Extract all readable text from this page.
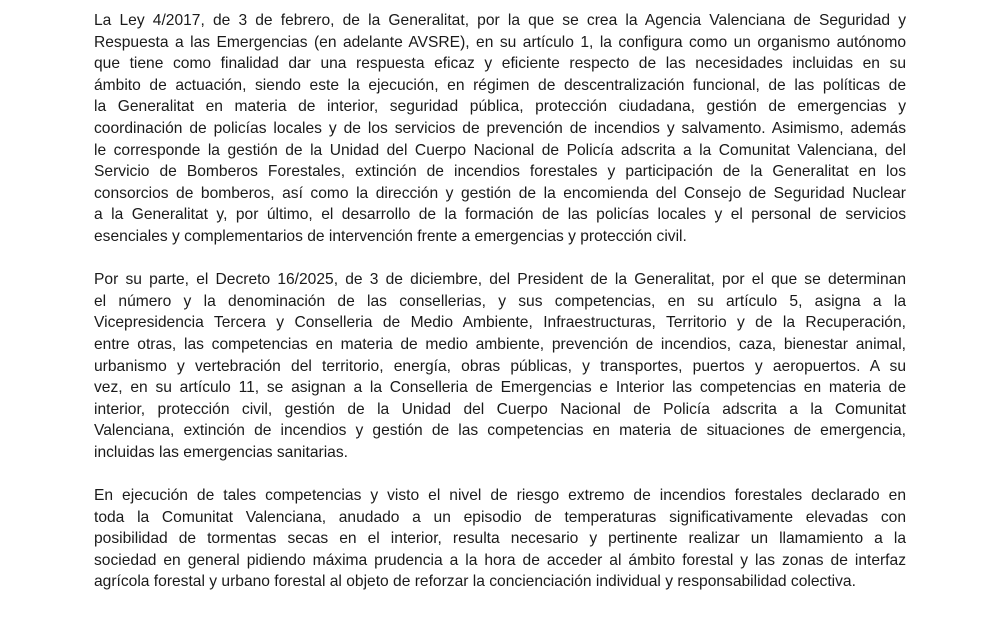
La Ley 4/2017, de 3 de febrero, de la Generalitat, por la que se crea la Agencia Valenciana de Seguridad y
Respuesta a las Emergencias (en adelante AVSRE), en su artículo 1, la configura como un organismo autónomo
que tiene como finalidad dar una respuesta eficaz y eficiente respecto de las necesidades incluidas en su
ámbito de actuación, siendo este la ejecución, en régimen de descentralización funcional, de las políticas de
la Generalitat en materia de interior, seguridad pública, protección ciudadana, gestión de emergencias y
coordinación de policías locales y de los servicios de prevención de incendios y salvamento. Asimismo, además
le corresponde la gestión de la Unidad del Cuerpo Nacional de Policía adscrita a la Comunitat Valenciana, del
Servicio de Bomberos Forestales, extinción de incendios forestales y participación de la Generalitat en los
consorcios de bomberos, así como la dirección y gestión de la encomienda del Consejo de Seguridad Nuclear
a la Generalitat y, por último, el desarrollo de la formación de las policías locales y el personal de servicios
esenciales y complementarios de intervención frente a emergencias y protección civil.
Por su parte, el Decreto 16/2025, de 3 de diciembre, del President de la Generalitat, por el que se determinan
el número y la denominación de las consellerias, y sus competencias, en su artículo 5, asigna a la
Vicepresidencia Tercera y Conselleria de Medio Ambiente, Infraestructuras, Territorio y de la Recuperación,
entre otras, las competencias en materia de medio ambiente, prevención de incendios, caza, bienestar animal,
urbanismo y vertebración del territorio, energía, obras públicas, y transportes, puertos y aeropuertos. A su
vez, en su artículo 11, se asignan a la Conselleria de Emergencias e Interior las competencias en materia de
interior, protección civil, gestión de la Unidad del Cuerpo Nacional de Policía adscrita a la Comunitat
Valenciana, extinción de incendios y gestión de las competencias en materia de situaciones de emergencia,
incluidas las emergencias sanitarias.
En ejecución de tales competencias y visto el nivel de riesgo extremo de incendios forestales declarado en
toda la Comunitat Valenciana, anudado a un episodio de temperaturas significativamente elevadas con
posibilidad de tormentas secas en el interior, resulta necesario y pertinente realizar un llamamiento a la
sociedad en general pidiendo máxima prudencia a la hora de acceder al ámbito forestal y las zonas de interfaz
agrícola forestal y urbano forestal al objeto de reforzar la concienciación individual y responsabilidad colectiva.
